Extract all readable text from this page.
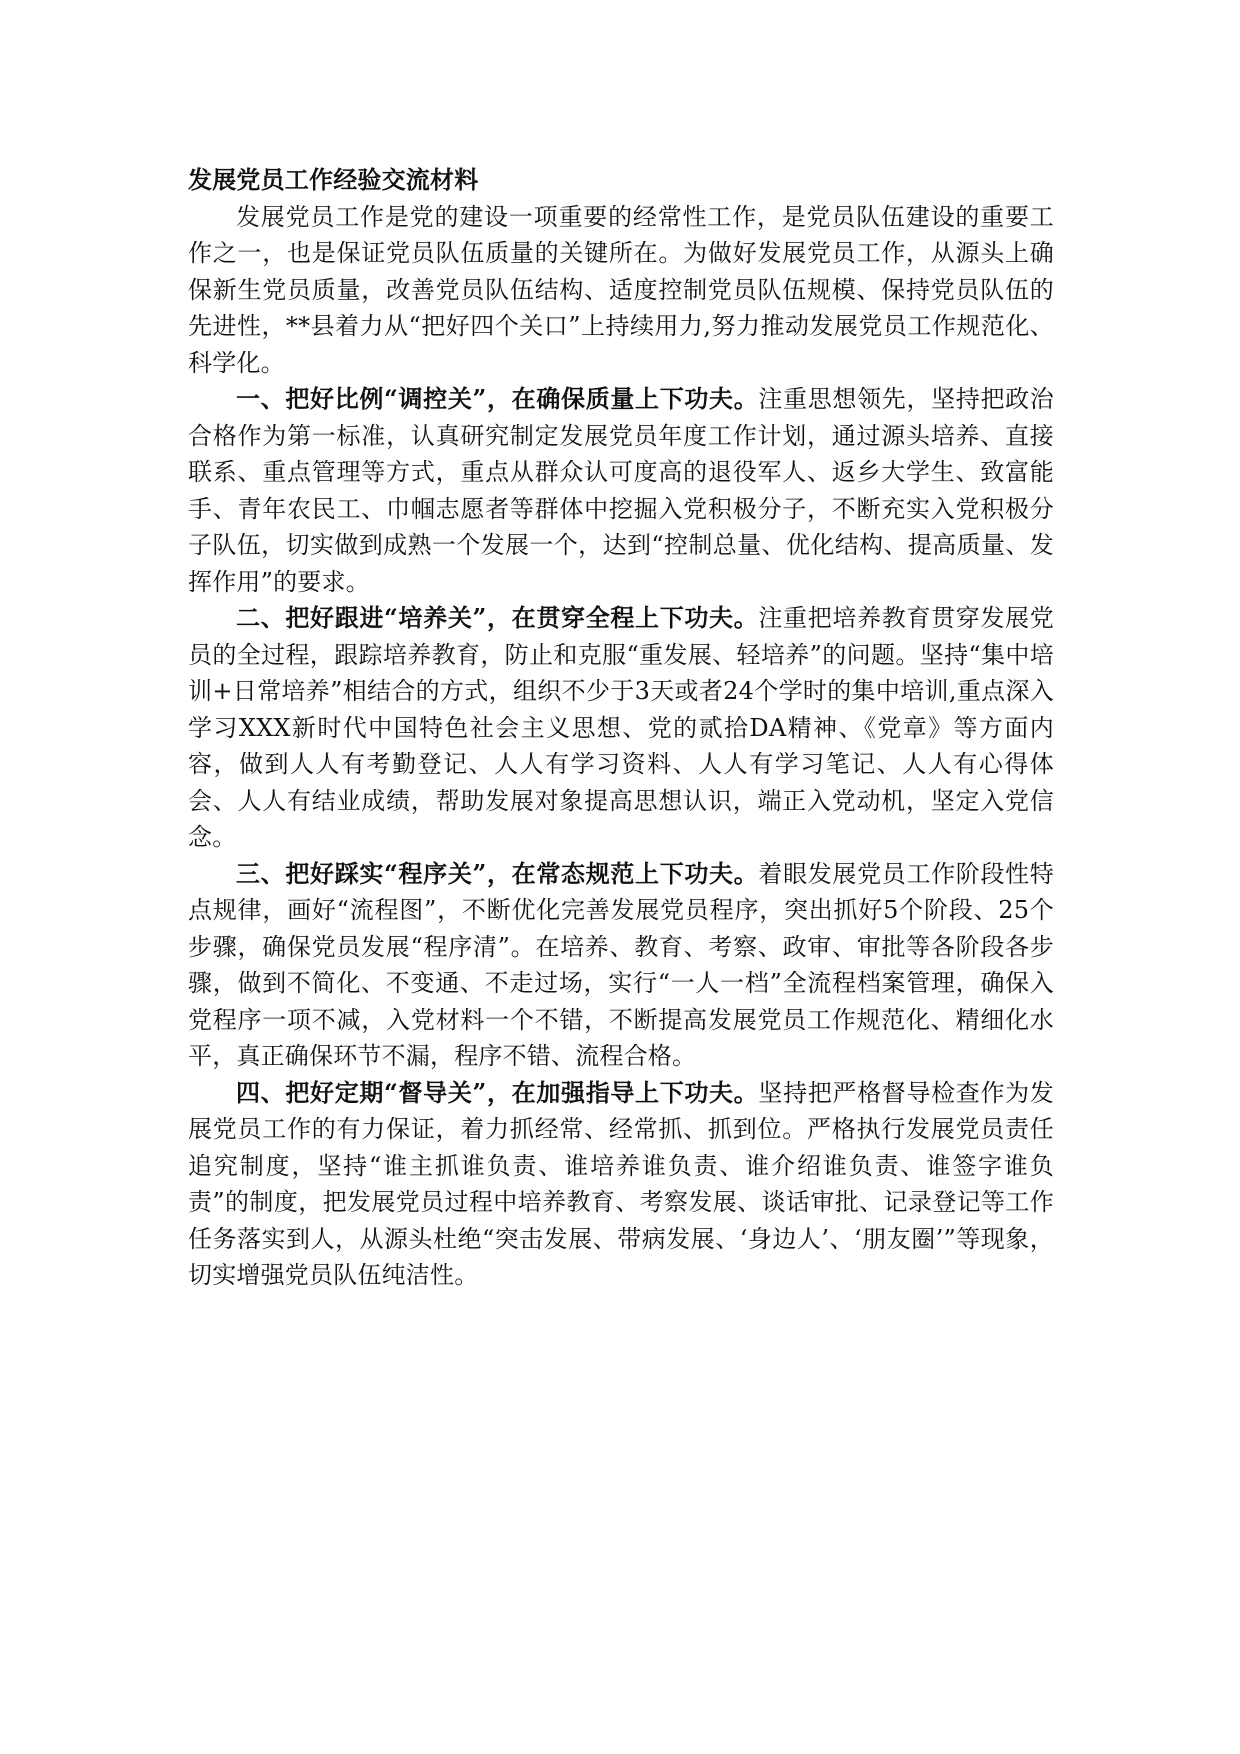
发展党员工作经验交流材料

发展党员工作是党的建设一项重要的经常性工作，是党员队伍建设的重要工作之一，也是保证党员队伍质量的关键所在。为做好发展党员工作，从源头上确保新生党员质量，改善党员队伍结构、适度控制党员队伍规模、保持党员队伍的先进性，**县着力从“把好四个关口”上持续用力,努力推动发展党员工作规范化、科学化。

一、把好比例“调控关”，在确保质量上下功夫。注重思想领先，坚持把政治合格作为第一标准，认真研究制定发展党员年度工作计划，通过源头培养、直接联系、重点管理等方式，重点从群众认可度高的退役军人、返乡大学生、致富能手、青年农民工、巾帼志愿者等群体中挖掘入党积极分子，不断充实入党积极分子队伍，切实做到成熟一个发展一个，达到“控制总量、优化结构、提高质量、发挥作用”的要求。

二、把好跟进“培养关”，在贯穿全程上下功夫。注重把培养教育贯穿发展党员的全过程，跟踪培养教育，防止和克服“重发展、轻培养”的问题。坚持“集中培训+日常培养”相结合的方式，组织不少于3天或者24个学时的集中培训,重点深入学习XXX新时代中国特色社会主义思想、党的贰拾DA精神、《党章》等方面内容，做到人人有考勤登记、人人有学习资料、人人有学习笔记、人人有心得体会、人人有结业成绩，帮助发展对象提高思想认识，端正入党动机，坚定入党信念。

三、把好踩实“程序关”，在常态规范上下功夫。着眼发展党员工作阶段性特点规律，画好“流程图”，不断优化完善发展党员程序，突出抓好5个阶段、25个步骤，确保党员发展“程序清”。在培养、教育、考察、政审、审批等各阶段各步骤，做到不简化、不变通、不走过场，实行“一人一档”全流程档案管理，确保入党程序一项不减，入党材料一个不错，不断提高发展党员工作规范化、精细化水平，真正确保环节不漏，程序不错、流程合格。

四、把好定期“督导关”，在加强指导上下功夫。坚持把严格督导检查作为发展党员工作的有力保证，着力抓经常、经常抓、抓到位。严格执行发展党员责任追究制度，坚持“谁主抓谁负责、谁培养谁负责、谁介绍谁负责、谁签字谁负责”的制度，把发展党员过程中培养教育、考察发展、谈话审批、记录登记等工作任务落实到人，从源头杜绝“突击发展、带病发展、‘身边人’、‘朋友圈’”等现象，切实增强党员队伍纯洁性。
